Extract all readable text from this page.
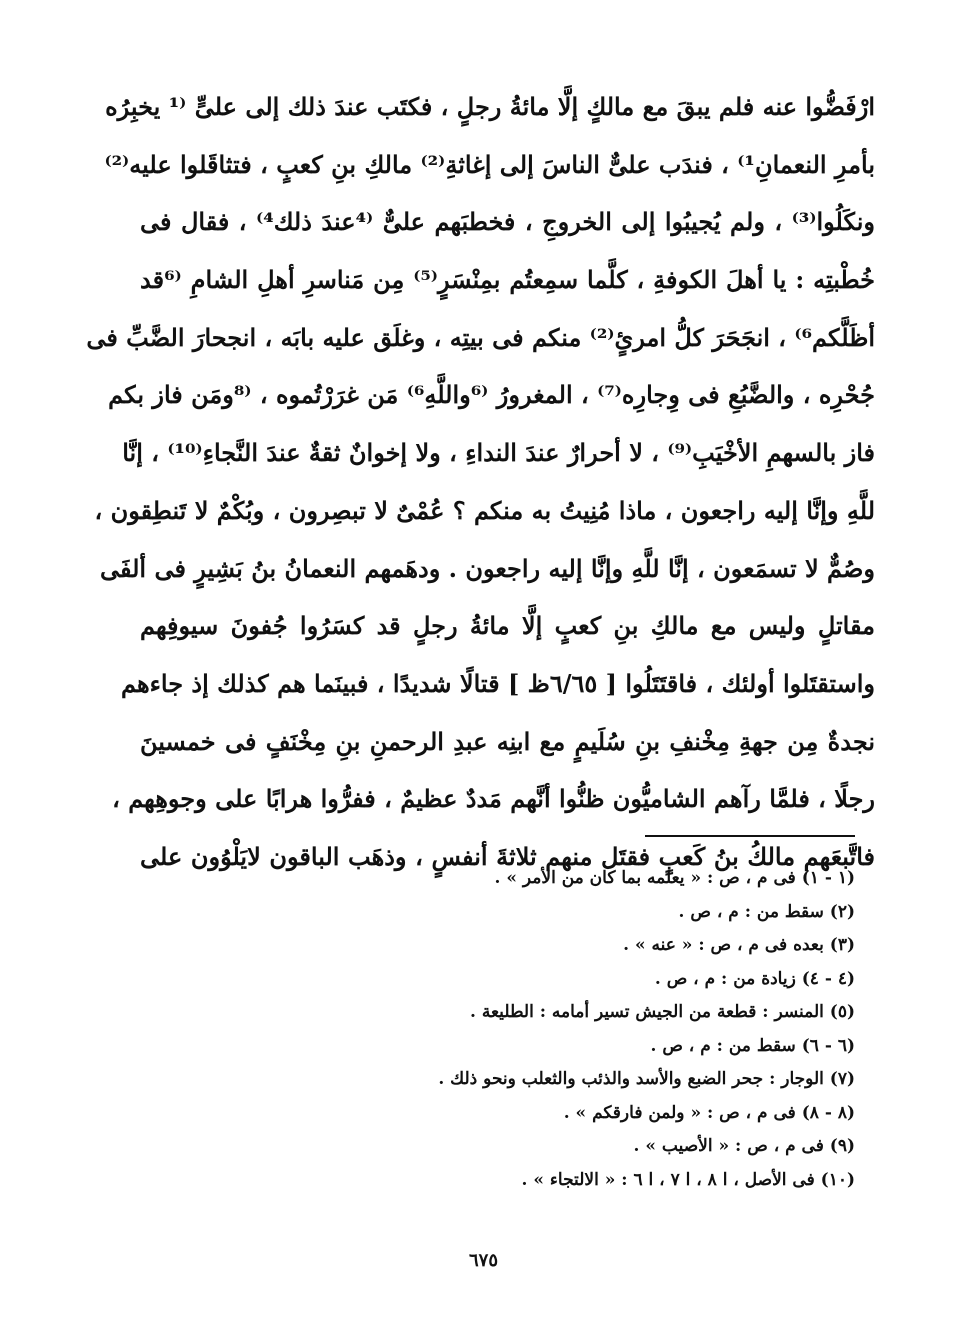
ارْفَضُّوا عنه فلم يبقَ مع مالكٍ إلَّا مائةُ رجلٍ ، فكتَب عندَ ذلك إلى علىٍّ ⁽¹ يخبِرُه
بأمرِ النعمانِ¹⁾ ، فندَب علىٌّ الناسَ إلى إغاثةِ⁽²⁾ مالكِ بنِ كعبٍ ، فتثاقَلوا عليه⁽²⁾
ونكَلُوا⁽³⁾ ، ولم يُجيبُوا إلى الخروجِ ، فخطبَهم علىٌّ ⁽⁴عندَ ذلك⁴⁾ ، فقال فى
خُطْبتِه : يا أهلَ الكوفةِ ، كلَّما سمِعتُم بمِنْسَرٍ⁽⁵⁾ مِن مَناسرِ أهلِ الشامِ ⁽⁶قد
أظَلَّكم⁶⁾ ، انجَحَرَ كلُّ امرئٍ⁽²⁾ منكم فى بيتِه ، وغلَق عليه بابَه ، انجحارَ الضَّبِّ فى
جُحْرِه ، والضَّبُعِ فى وِجارِه⁽⁷⁾ ، المغرورُ ⁽⁶واللَّهِ⁶⁾ مَن غرَرْتُموه ، ⁽⁸ومَن فاز بكم
فاز بالسهمِ الأخْيَبِ⁽⁹⁾ ، لا أحرارٌ عندَ النداءِ ، ولا إخوانٌ ثقةٌ عندَ النَّجاءِ⁽¹⁰⁾ ، إنَّا
للَّهِ وإنَّا إليه راجعون ، ماذا مُنِيتُ به منكم ؟ عُمْىٌ لا تبصِرون ، وبُكْمٌ لا تَنطِقون ،
وصُمٌّ لا تسمَعون ، إنَّا للَّهِ وإنَّا إليه راجعون . ودهَمهم النعمانُ بنُ بَشِيرٍ فى ألفَى
مقاتلٍ وليس مع مالكِ بنِ كعبٍ إلَّا مائةُ رجلٍ قد كسَرُوا جُفونَ سيوفِهم
واستقتَلوا أولئك ، فاقتَتَلُوا [ ٦/٦٥ظ ] قتالًا شديدًا ، فبينَما هم كذلك إذ جاءهم
نجدةٌ مِن جهةِ مِخْنفِ بنِ سُلَيمٍ مع ابنِه عبدِ الرحمنِ بنِ مِخْنَفٍ فى خمسينَ
رجلًا ، فلمَّا رآهم الشاميُّون ظنُّوا أنَّهم مَددٌ عظيمٌ ، ففرُّوا هرابًا على وجوهِهم ،
فاتَّبعَهم مالكُ بنُ كَعبٍ فقتَل منهم ثلاثةَ أنفسٍ ، وذهَب الباقون لايَلْوُون على
(١ - ١) فى م ، ص : « يعلمه بما كان من الأمر » .
(٢) سقط من : م ، ص .
(٣) بعده فى م ، ص : « عنه » .
(٤ - ٤) زيادة من : م ، ص .
(٥) المنسر : قطعة من الجيش تسير أمامه : الطليعة .
(٦ - ٦) سقط من : م ، ص .
(٧) الوجار : جحر الضبع والأسد والذئب والثعلب ونحو ذلك .
(٨ - ٨) فى م ، ص : « ولمن فارقكم » .
(٩) فى م ، ص : « الأصيب » .
(١٠) فى الأصل ، ا ٨ ، ا ٧ ، ا ٦ : « الالتجاء » .
٦٧٥
